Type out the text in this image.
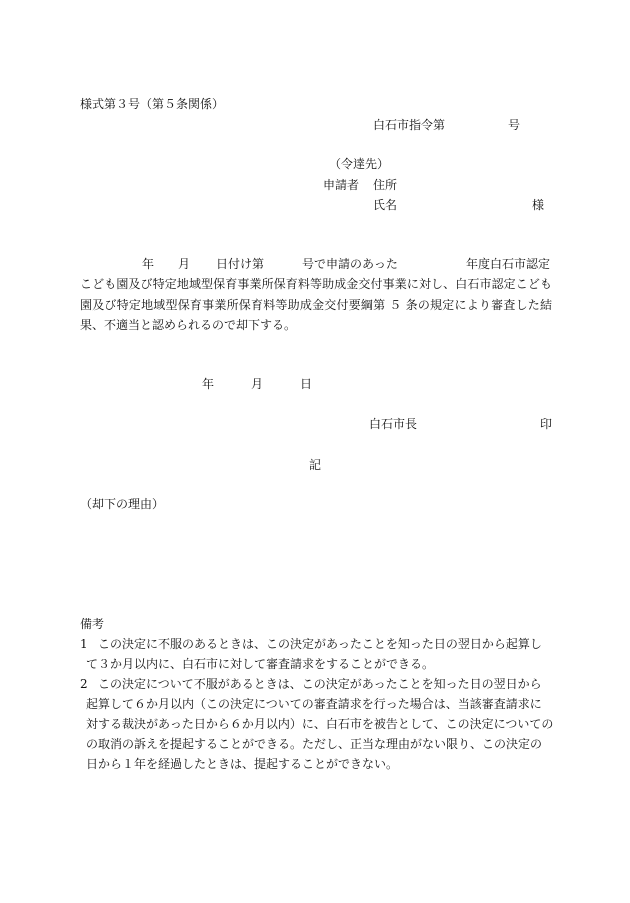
様式第３号（第５条関係）
白石市指令第	号
（令達先）
申請者 住所
氏名	様
年 月 日付け第	号で申請のあった	年度白石市認定
こども園及び特定地域型保育事業所保育料等助成金交付事業に対し、白石市認定こども
園及び特定地域型保育事業所保育料等助成金交付要綱第 ５ 条の規定により審査した結
果、不適当と認められるので却下する。
年	月	日
白石市長	印
記
（却下の理由）
備考
1 この決定に不服のあるときは、この決定があったことを知った日の翌日から起算し
て３か月以内に、白石市に対して審査請求をすることができる。
2 この決定について不服があるときは、この決定があったことを知った日の翌日から
起算して６か月以内（この決定についての審査請求を行った場合は、当該審査請求に
対する裁決があった日から６か月以内）に、白石市を被告として、この決定についての
の取消の訴えを提起することができる。ただし、正当な理由がない限り、この決定の
日から１年を経過したときは、提起することができない。
